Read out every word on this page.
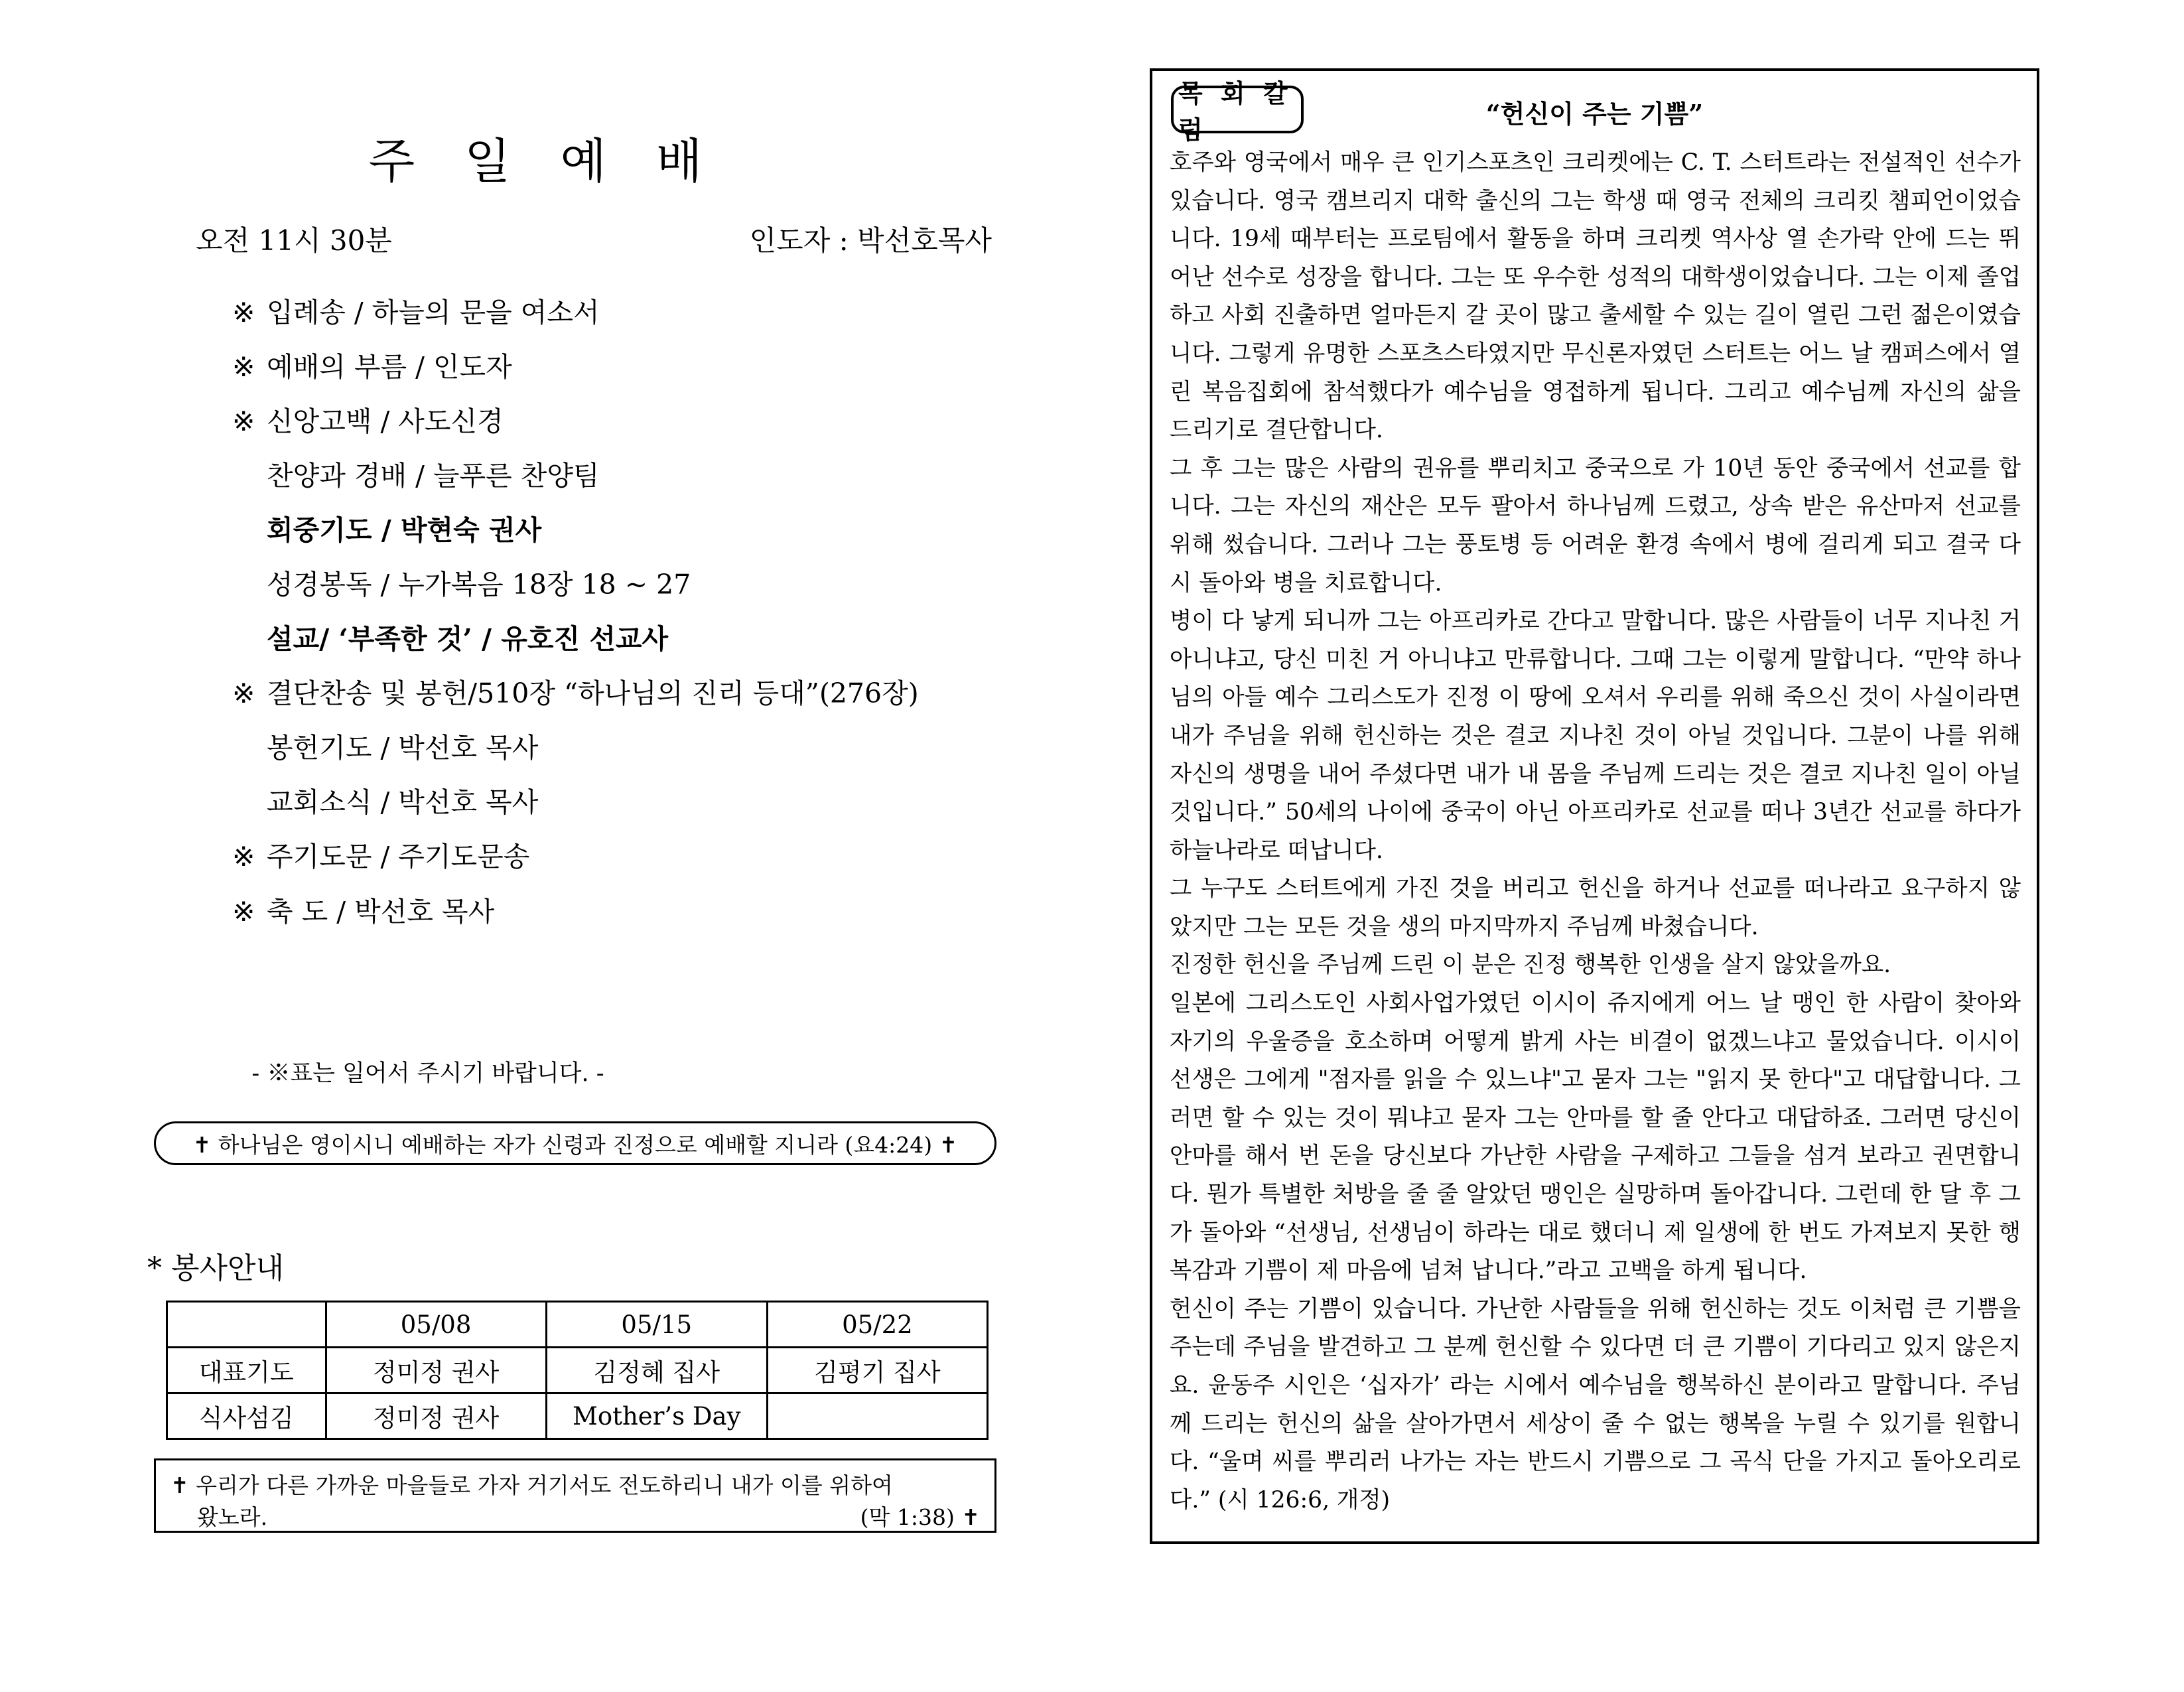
주 일 예 배
오전 11시 30분	인도자 : 박선호목사
※ 입례송 / 하늘의 문을 여소서
※ 예배의 부름 / 인도자
※ 신앙고백 / 사도신경
찬양과 경배 / 늘푸른 찬양팀
회중기도 / 박현숙 권사
성경봉독 / 누가복음 18장 18 ~ 27
설교/ ‘부족한 것’ / 유호진 선교사
※ 결단찬송 및 봉헌/510장 “하나님의 진리 등대”(276장)
봉헌기도 / 박선호 목사
교회소식 / 박선호 목사
※ 주기도문 / 주기도문송
※ 축 도 / 박선호 목사
- ※표는 일어서 주시기 바랍니다. -
✝ 하나님은 영이시니 예배하는 자가 신령과 진정으로 예배할 지니라 (요4:24) ✝
* 봉사안내
	05/08	05/15	05/22
대표기도	정미정 권사	김정혜 집사	김평기 집사
식사섬김	정미정 권사	Mother’s Day	
✝ 우리가 다른 가까운 마을들로 가자 거기서도 전도하리니 내가 이를 위하여
왔노라.	(막 1:38) ✝
목 회 칼 럼
“헌신이 주는 기쁨”

호주와 영국에서 매우 큰 인기스포츠인 크리켓에는 C. T. 스터트라는 전설적인 선수가 있습니다. 영국 캠브리지 대학 출신의 그는 학생 때 영국 전체의 크리킷 챔피언이었습니다. 19세 때부터는 프로팀에서 활동을 하며 크리켓 역사상 열 손가락 안에 드는 뛰어난 선수로 성장을 합니다. 그는 또 우수한 성적의 대학생이었습니다. 그는 이제 졸업하고 사회 진출하면 얼마든지 갈 곳이 많고 출세할 수 있는 길이 열린 그런 젊은이였습니다. 그렇게 유명한 스포츠스타였지만 무신론자였던 스터트는 어느 날 캠퍼스에서 열린 복음집회에 참석했다가 예수님을 영접하게 됩니다. 그리고 예수님께 자신의 삶을 드리기로 결단합니다.

그 후 그는 많은 사람의 권유를 뿌리치고 중국으로 가 10년 동안 중국에서 선교를 합니다. 그는 자신의 재산은 모두 팔아서 하나님께 드렸고, 상속 받은 유산마저 선교를 위해 썼습니다. 그러나 그는 풍토병 등 어려운 환경 속에서 병에 걸리게 되고 결국 다시 돌아와 병을 치료합니다.

병이 다 낳게 되니까 그는 아프리카로 간다고 말합니다. 많은 사람들이 너무 지나친 거 아니냐고, 당신 미친 거 아니냐고 만류합니다. 그때 그는 이렇게 말합니다. “만약 하나님의 아들 예수 그리스도가 진정 이 땅에 오셔서 우리를 위해 죽으신 것이 사실이라면 내가 주님을 위해 헌신하는 것은 결코 지나친 것이 아닐 것입니다. 그분이 나를 위해 자신의 생명을 내어 주셨다면 내가 내 몸을 주님께 드리는 것은 결코 지나친 일이 아닐 것입니다.” 50세의 나이에 중국이 아닌 아프리카로 선교를 떠나 3년간 선교를 하다가 하늘나라로 떠납니다.

그 누구도 스터트에게 가진 것을 버리고 헌신을 하거나 선교를 떠나라고 요구하지 않았지만 그는 모든 것을 생의 마지막까지 주님께 바쳤습니다.

진정한 헌신을 주님께 드린 이 분은 진정 행복한 인생을 살지 않았을까요.

일본에 그리스도인 사회사업가였던 이시이 쥬지에게 어느 날 맹인 한 사람이 찾아와 자기의 우울증을 호소하며 어떻게 밝게 사는 비결이 없겠느냐고 물었습니다. 이시이 선생은 그에게 "점자를 읽을 수 있느냐"고 묻자 그는 "읽지 못 한다"고 대답합니다. 그러면 할 수 있는 것이 뭐냐고 묻자 그는 안마를 할 줄 안다고 대답하죠. 그러면 당신이 안마를 해서 번 돈을 당신보다 가난한 사람을 구제하고 그들을 섬겨 보라고 권면합니다. 뭔가 특별한 처방을 줄 줄 알았던 맹인은 실망하며 돌아갑니다. 그런데 한 달 후 그가 돌아와 “선생님, 선생님이 하라는 대로 했더니 제 일생에 한 번도 가져보지 못한 행복감과 기쁨이 제 마음에 넘쳐 납니다.”라고 고백을 하게 됩니다.

헌신이 주는 기쁨이 있습니다. 가난한 사람들을 위해 헌신하는 것도 이처럼 큰 기쁨을 주는데 주님을 발견하고 그 분께 헌신할 수 있다면 더 큰 기쁨이 기다리고 있지 않은지요. 윤동주 시인은 ‘십자가’ 라는 시에서 예수님을 행복하신 분이라고 말합니다. 주님께 드리는 헌신의 삶을 살아가면서 세상이 줄 수 없는 행복을 누릴 수 있기를 원합니다. “울며 씨를 뿌리러 나가는 자는 반드시 기쁨으로 그 곡식 단을 가지고 돌아오리로다.” (시 126:6, 개정)
